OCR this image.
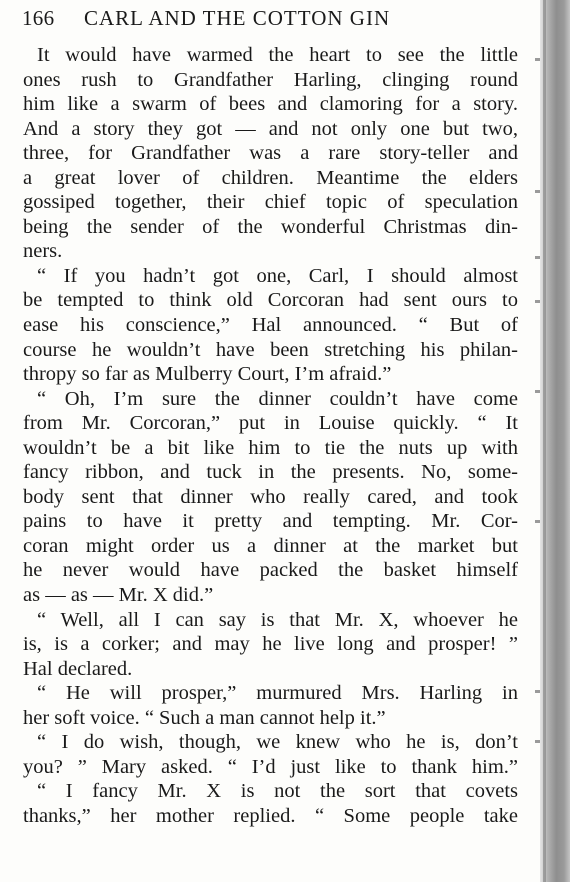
166 CARL AND THE COTTON GIN
It would have warmed the heart to see the little
ones rush to Grandfather Harling, clinging round
him like a swarm of bees and clamoring for a story.
And a story they got — and not only one but two,
three, for Grandfather was a rare story-teller and
a great lover of children. Meantime the elders
gossiped together, their chief topic of speculation
being the sender of the wonderful Christmas din-
ners.
“ If you hadn’t got one, Carl, I should almost
be tempted to think old Corcoran had sent ours to
ease his conscience,” Hal announced. “ But of
course he wouldn’t have been stretching his philan-
thropy so far as Mulberry Court, I’m afraid.”
“ Oh, I’m sure the dinner couldn’t have come
from Mr. Corcoran,” put in Louise quickly. “ It
wouldn’t be a bit like him to tie the nuts up with
fancy ribbon, and tuck in the presents. No, some-
body sent that dinner who really cared, and took
pains to have it pretty and tempting. Mr. Cor-
coran might order us a dinner at the market but
he never would have packed the basket himself
as — as — Mr. X did.”
“ Well, all I can say is that Mr. X, whoever he
is, is a corker; and may he live long and prosper! ”
Hal declared.
“ He will prosper,” murmured Mrs. Harling in
her soft voice. “ Such a man cannot help it.”
“ I do wish, though, we knew who he is, don’t
you? ” Mary asked. “ I’d just like to thank him.”
“ I fancy Mr. X is not the sort that covets
thanks,” her mother replied. “ Some people take
